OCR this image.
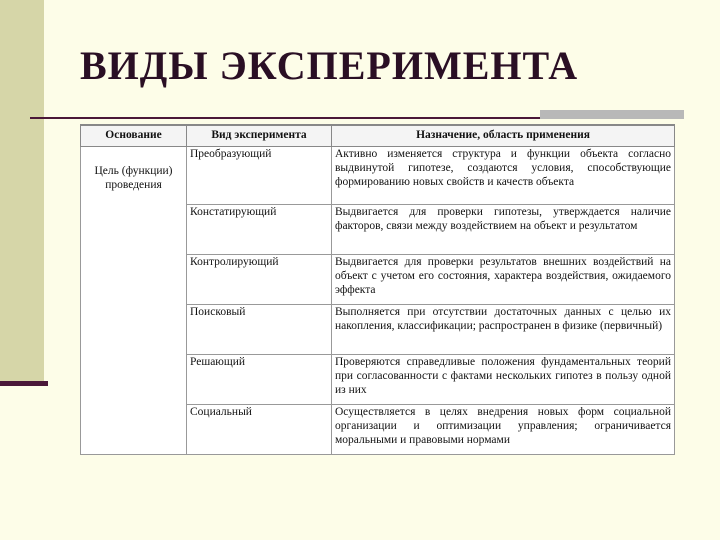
ВИДЫ ЭКСПЕРИМЕНТА
Основание	Вид эксперимента	Назначение, область применения
Цель (функции) проведения	Преобразующий	Активно изменяется структура и функции объекта согласно выдвинутой гипотезе, создаются условия, способствующие формированию новых свойств и качеств объекта
	Констатирующий	Выдвигается для проверки гипотезы, утверждается наличие факторов, связи между воздействием на объект и результатом
	Контролирующий	Выдвигается для проверки результатов внешних воздействий на объект с учетом его состояния, характера воздействия, ожидаемого эффекта
	Поисковый	Выполняется при отсутствии достаточных данных с целью их накопления, классификации; распространен в физике (первичный)
	Решающий	Проверяются справедливые положения фундаментальных теорий при согласованности с фактами нескольких гипотез в пользу одной из них
	Социальный	Осуществляется в целях внедрения новых форм социальной организации и оптимизации управления; ограничивается моральными и правовыми нормами
